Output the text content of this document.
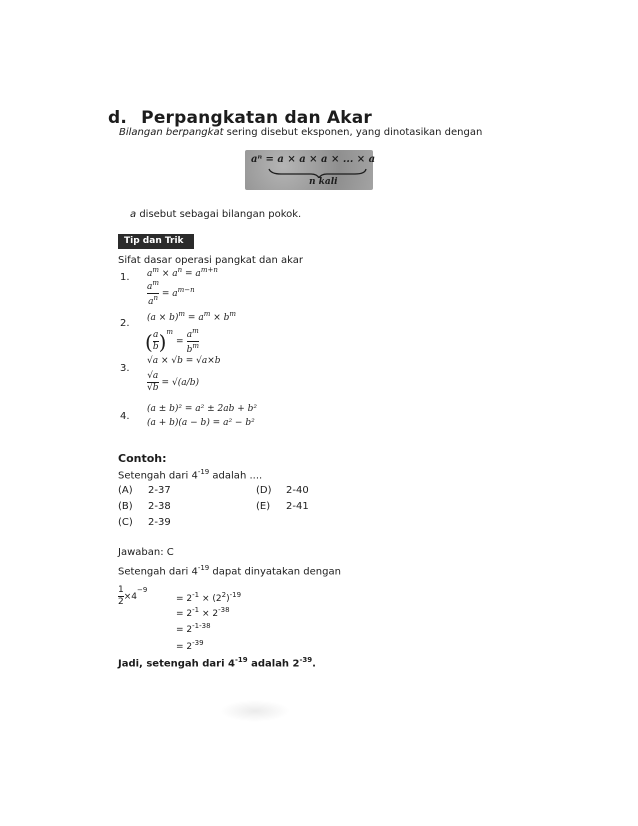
d. Perpangkatan dan Akar
Bilangan berpangkat sering disebut eksponen, yang dinotasikan dengan
aⁿ = a × a × a × ... × a
n kali
a disebut sebagai bilangan pokok.
Tip dan Trik
Sifat dasar operasi pangkat dan akar
1. $a^m \times a^n = a^{m+n}$
$\frac{a^m}{a^n} = a^{m-n}$
2. $(a \times b)^m = a^m \times b^m$
( $\frac{a}{b}$ ) m
= $\frac{a^m}{b^m}$
3.
√a × √b = √a×b
$\frac{√a}{√b} = √(a/b)$
4.
(a ± b)² = a² ± 2ab + b²
(a + b)(a − b) = a² − b²
Contoh:
Setengah dari $4^{-19}$ adalah ....
(A) 2-37	(D) 2-40
(B) 2-38	(E) 2-41
(C) 2-39
Jawaban: C
Setengah dari $4^{-19}$ dapat dinyatakan dengan
$\frac{1}{2} \times 4$
−9
= $2^{-1} \times (2^2)^{-19}$
= $2^{-1} \times 2^{-38}$
= $2^{-1-38}$
= $2^{-39}$
Jadi, setengah dari $4^{-19}$ adalah $2^{-39}$.
